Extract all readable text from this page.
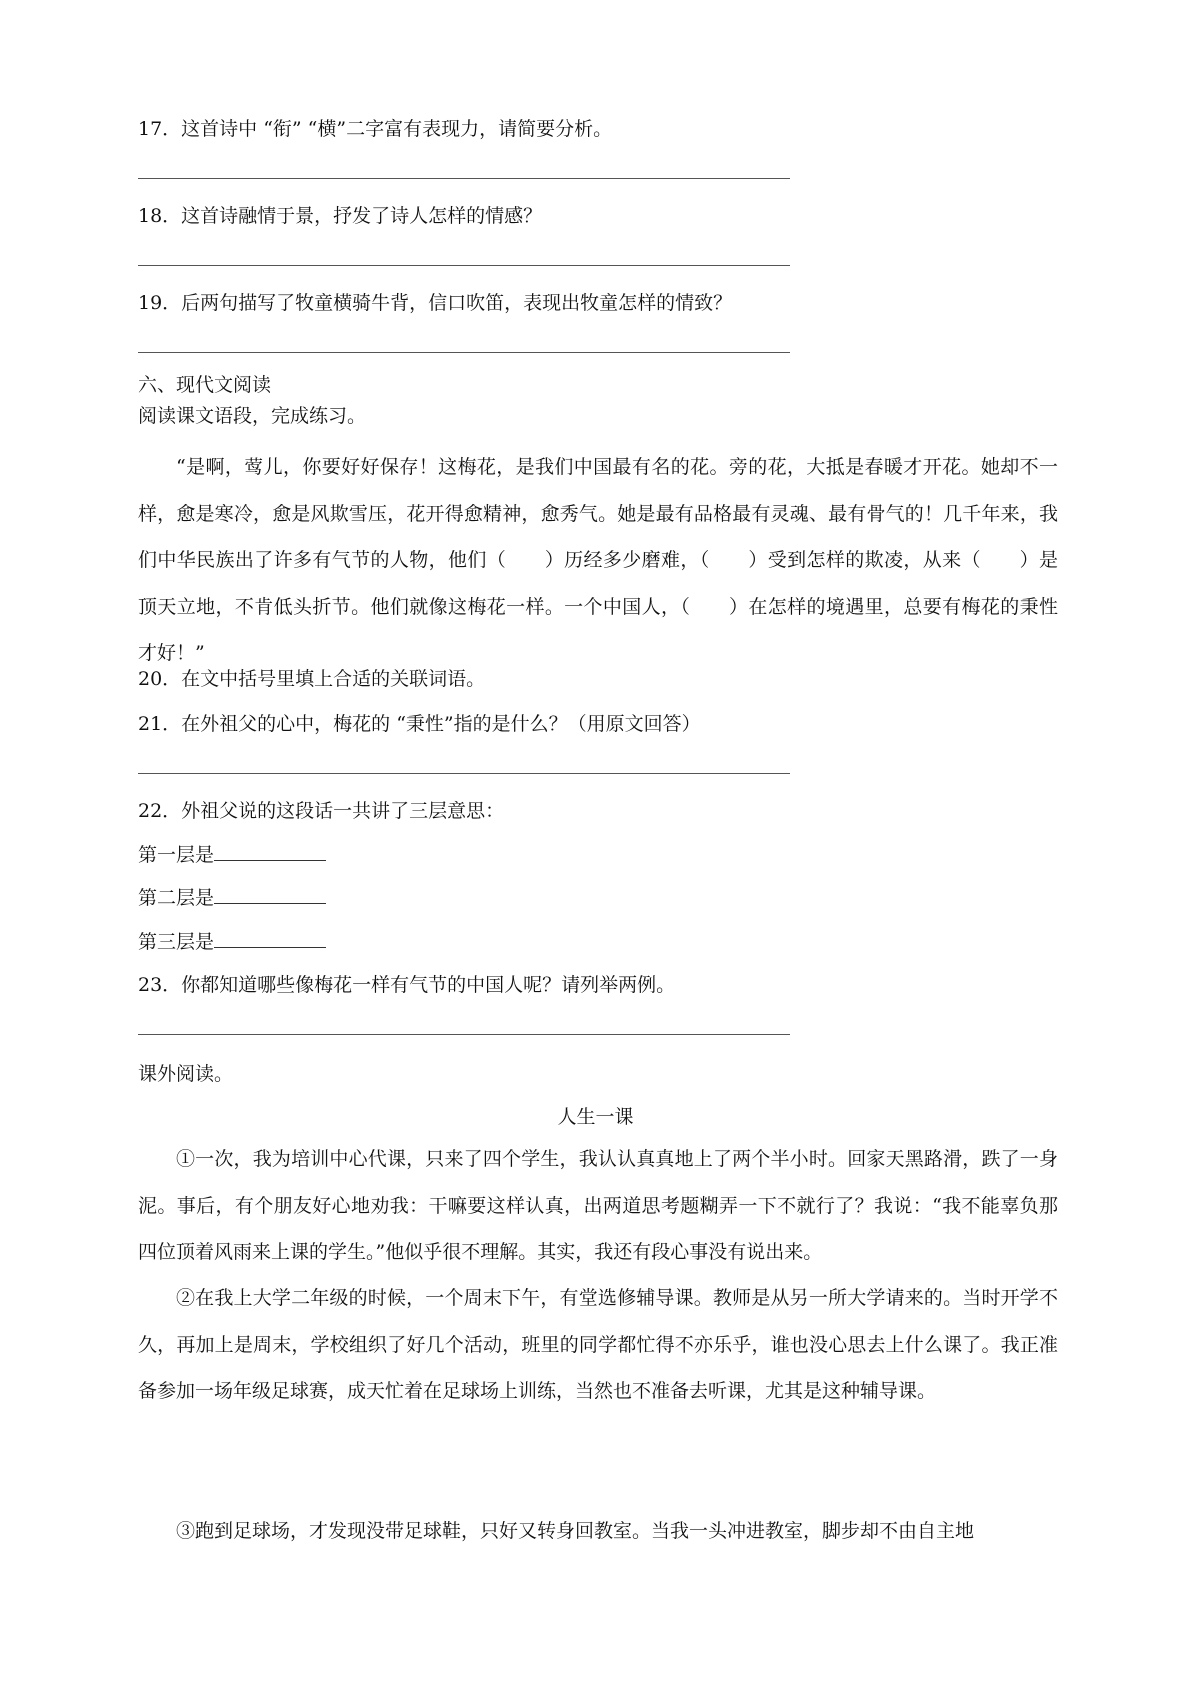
17．这首诗中 “衔” “横”二字富有表现力，请简要分析。
18．这首诗融情于景，抒发了诗人怎样的情感？
19．后两句描写了牧童横骑牛背，信口吹笛，表现出牧童怎样的情致？
六、现代文阅读
阅读课文语段，完成练习。
“是啊，莺儿，你要好好保存！这梅花，是我们中国最有名的花。旁的花，大抵是春暖才开花。她却不一样，愈是寒冷，愈是风欺雪压，花开得愈精神，愈秀气。她是最有品格最有灵魂、最有骨气的！几千年来，我们中华民族出了许多有气节的人物，他们（　　）历经多少磨难，（　　）受到怎样的欺凌，从来（　　）是顶天立地，不肯低头折节。他们就像这梅花一样。一个中国人，（　　）在怎样的境遇里，总要有梅花的秉性才好！”
20．在文中括号里填上合适的关联词语。
21．在外祖父的心中，梅花的 “秉性”指的是什么？（用原文回答）
22．外祖父说的这段话一共讲了三层意思：
第一层是
第二层是
第三层是
23．你都知道哪些像梅花一样有气节的中国人呢？请列举两例。
课外阅读。
人生一课
①一次，我为培训中心代课，只来了四个学生，我认认真真地上了两个半小时。回家天黑路滑，跌了一身泥。事后，有个朋友好心地劝我：干嘛要这样认真，出两道思考题糊弄一下不就行了？我说：“我不能辜负那四位顶着风雨来上课的学生。”他似乎很不理解。其实，我还有段心事没有说出来。
②在我上大学二年级的时候，一个周末下午，有堂选修辅导课。教师是从另一所大学请来的。当时开学不久，再加上是周末，学校组织了好几个活动，班里的同学都忙得不亦乐乎，谁也没心思去上什么课了。我正准备参加一场年级足球赛，成天忙着在足球场上训练，当然也不准备去听课，尤其是这种辅导课。
③跑到足球场，才发现没带足球鞋，只好又转身回教室。当我一头冲进教室，脚步却不由自主地
